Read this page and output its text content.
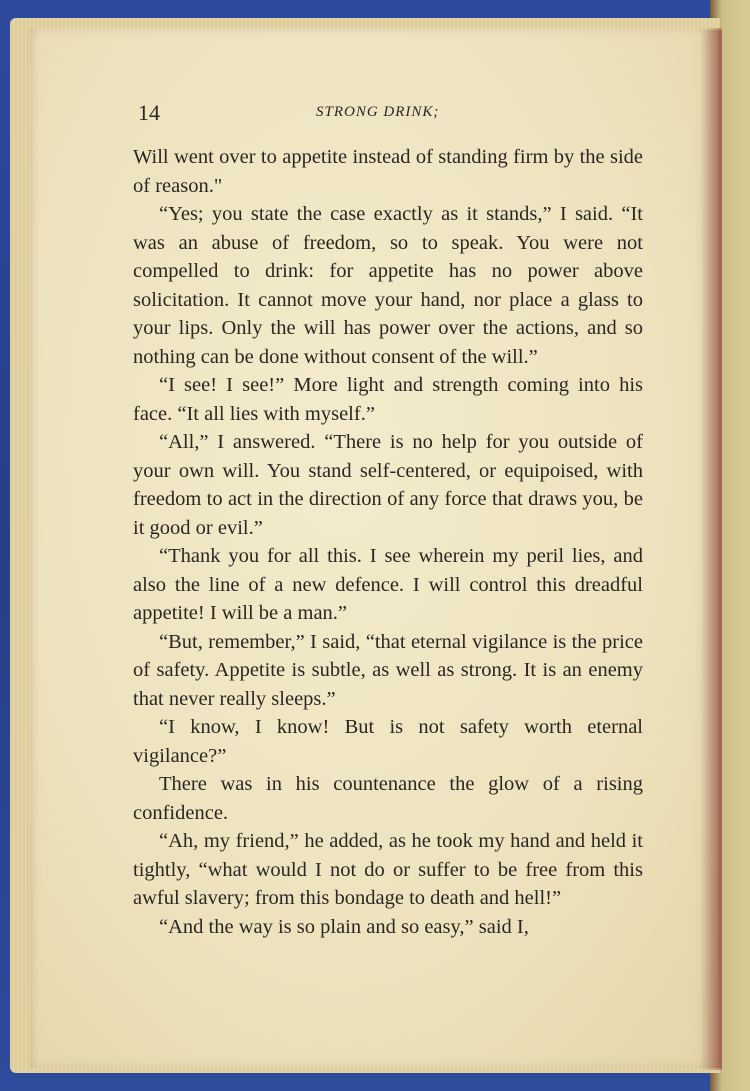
14	STRONG DRINK;

Will went over to appetite instead of standing firm by the side of reason."

“Yes; you state the case exactly as it stands,” I said. “It was an abuse of freedom, so to speak. You were not compelled to drink: for appetite has no power above solicitation. It cannot move your hand, nor place a glass to your lips. Only the will has power over the actions, and so nothing can be done without consent of the will.”

“I see! I see!” More light and strength coming into his face. “It all lies with myself.”

“All,” I answered. “There is no help for you outside of your own will. You stand self-centered, or equipoised, with freedom to act in the direction of any force that draws you, be it good or evil.”

“Thank you for all this. I see wherein my peril lies, and also the line of a new defence. I will control this dreadful appetite! I will be a man.”

“But, remember,” I said, “that eternal vigilance is the price of safety. Appetite is subtle, as well as strong. It is an enemy that never really sleeps.”

“I know, I know! But is not safety worth eternal vigilance?”

There was in his countenance the glow of a rising confidence.

“Ah, my friend,” he added, as he took my hand and held it tightly, “what would I not do or suffer to be free from this awful slavery; from this bondage to death and hell!”

“And the way is so plain and so easy,” said I,
